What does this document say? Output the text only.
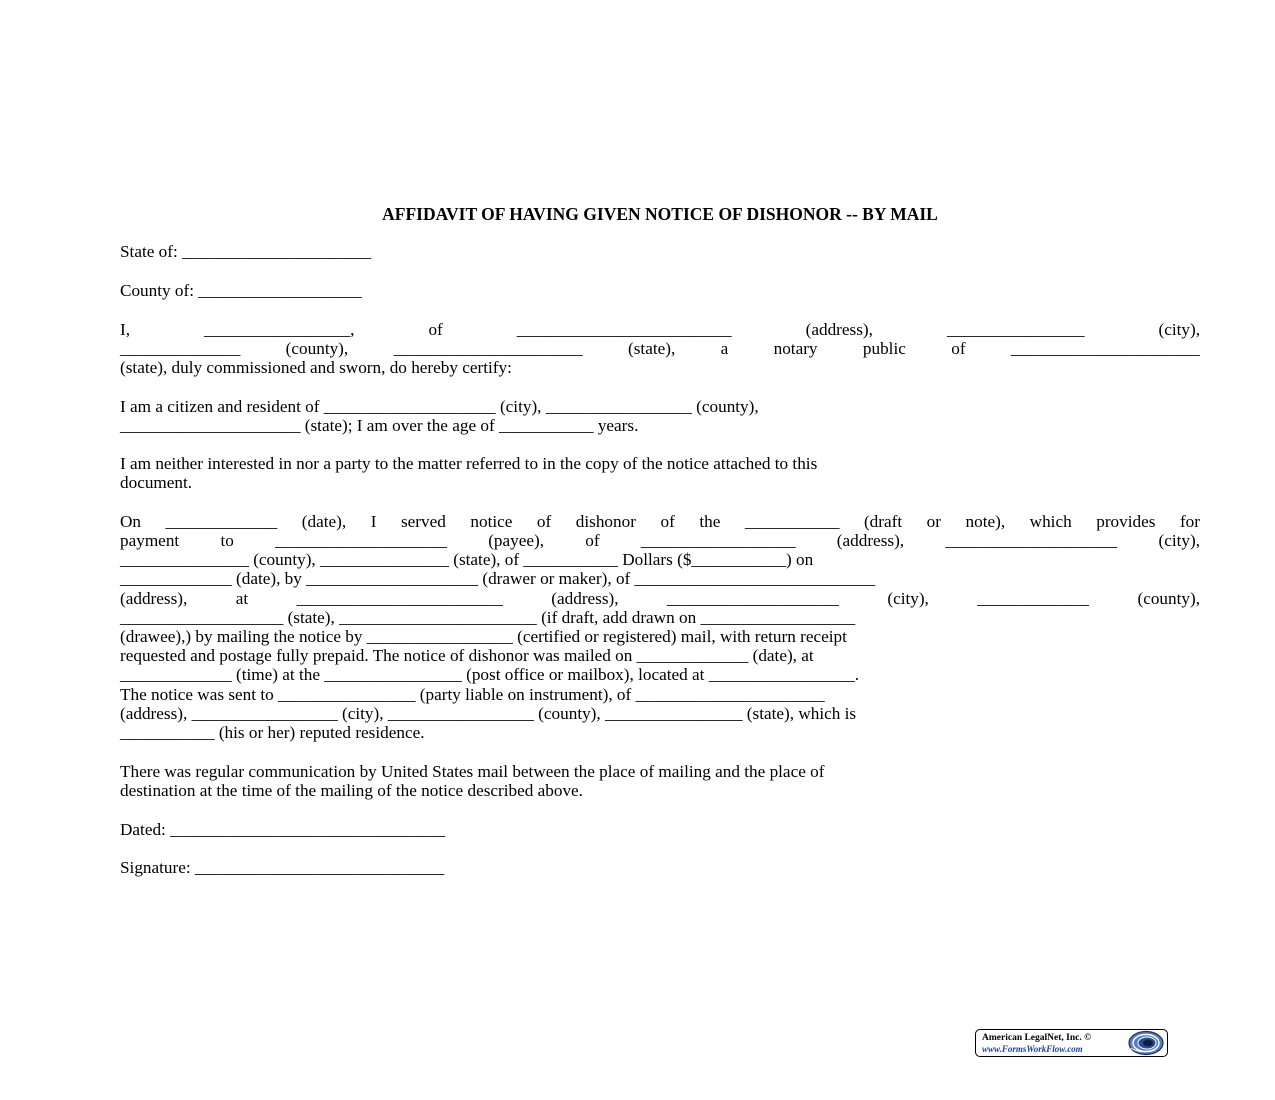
AFFIDAVIT OF HAVING GIVEN NOTICE OF DISHONOR -- BY MAIL

State of: ______________________

County of: ___________________

I, _________________, of _________________________ (address), ________________ (city),

______________ (county), ______________________ (state), a notary public of ______________________

(state), duly commissioned and sworn, do hereby certify:

I am a citizen and resident of ____________________ (city), _________________ (county),

_____________________ (state); I am over the age of ___________ years.

I am neither interested in nor a party to the matter referred to in the copy of the notice attached to this

document.

On _____________ (date), I served notice of dishonor of the ___________ (draft or note), which provides for

payment to ____________________ (payee), of __________________ (address), ____________________ (city),

_______________ (county), _______________ (state), of ___________ Dollars ($___________) on

_____________ (date), by ____________________ (drawer or maker), of ____________________________

(address), at ________________________ (address), ____________________ (city), _____________ (county),

___________________ (state), _______________________ (if draft, add drawn on __________________

(drawee),) by mailing the notice by _________________ (certified or registered) mail, with return receipt

requested and postage fully prepaid. The notice of dishonor was mailed on _____________ (date), at

_____________ (time) at the ________________ (post office or mailbox), located at _________________.

The notice was sent to ________________ (party liable on instrument), of ______________________

(address), _________________ (city), _________________ (county), ________________ (state), which is

___________ (his or her) reputed residence.

There was regular communication by United States mail between the place of mailing and the place of

destination at the time of the mailing of the notice described above.

Dated: ________________________________

Signature: _____________________________

American LegalNet, Inc. ©
www.FormsWorkFlow.com
